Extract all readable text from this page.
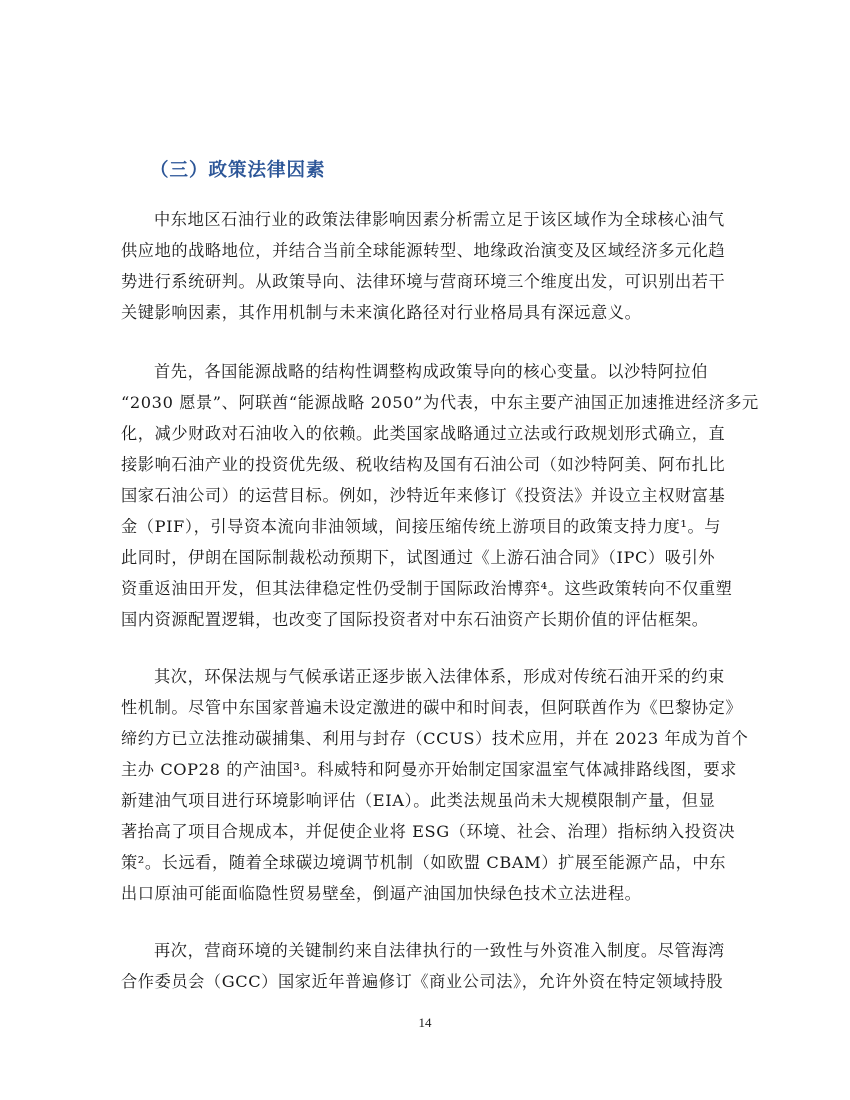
（三）政策法律因素
中东地区石油行业的政策法律影响因素分析需立足于该区域作为全球核心油气
供应地的战略地位，并结合当前全球能源转型、地缘政治演变及区域经济多元化趋
势进行系统研判。从政策导向、法律环境与营商环境三个维度出发，可识别出若干
关键影响因素，其作用机制与未来演化路径对行业格局具有深远意义。
首先，各国能源战略的结构性调整构成政策导向的核心变量。以沙特阿拉伯
“2030 愿景”、阿联酋“能源战略 2050”为代表，中东主要产油国正加速推进经济多元
化，减少财政对石油收入的依赖。此类国家战略通过立法或行政规划形式确立，直
接影响石油产业的投资优先级、税收结构及国有石油公司（如沙特阿美、阿布扎比
国家石油公司）的运营目标。例如，沙特近年来修订《投资法》并设立主权财富基
金（PIF），引导资本流向非油领域，间接压缩传统上游项目的政策支持力度¹。与
此同时，伊朗在国际制裁松动预期下，试图通过《上游石油合同》（IPC）吸引外
资重返油田开发，但其法律稳定性仍受制于国际政治博弈⁴。这些政策转向不仅重塑
国内资源配置逻辑，也改变了国际投资者对中东石油资产长期价值的评估框架。
其次，环保法规与气候承诺正逐步嵌入法律体系，形成对传统石油开采的约束
性机制。尽管中东国家普遍未设定激进的碳中和时间表，但阿联酋作为《巴黎协定》
缔约方已立法推动碳捕集、利用与封存（CCUS）技术应用，并在 2023 年成为首个
主办 COP28 的产油国³。科威特和阿曼亦开始制定国家温室气体减排路线图，要求
新建油气项目进行环境影响评估（EIA）。此类法规虽尚未大规模限制产量，但显
著抬高了项目合规成本，并促使企业将 ESG（环境、社会、治理）指标纳入投资决
策²。长远看，随着全球碳边境调节机制（如欧盟 CBAM）扩展至能源产品，中东
出口原油可能面临隐性贸易壁垒，倒逼产油国加快绿色技术立法进程。
再次，营商环境的关键制约来自法律执行的一致性与外资准入制度。尽管海湾
合作委员会（GCC）国家近年普遍修订《商业公司法》，允许外资在特定领域持股
14
